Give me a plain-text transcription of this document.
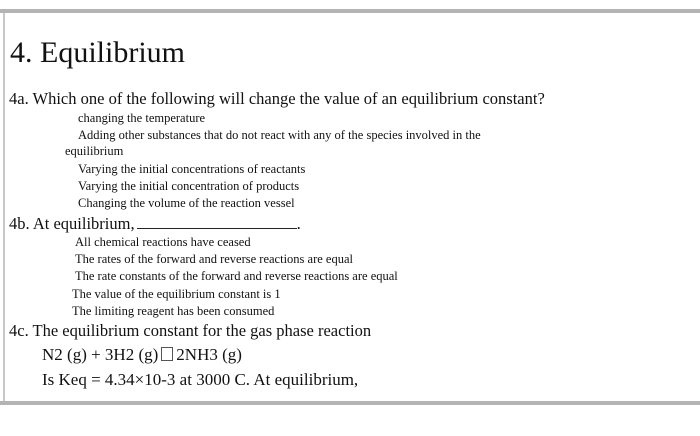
4. Equilibrium
4a. Which one of the following will change the value of an equilibrium constant?
changing the temperature
Adding other substances that do not react with any of the species involved in the
equilibrium
Varying the initial concentrations of reactants
Varying the initial concentration of products
Changing the volume of the reaction vessel
4b. At equilibrium,	.
All chemical reactions have ceased
The rates of the forward and reverse reactions are equal
The rate constants of the forward and reverse reactions are equal
The value of the equilibrium constant is 1
The limiting reagent has been consumed
4c. The equilibrium constant for the gas phase reaction
N2 (g) + 3H2 (g) 2NH3 (g)
Is Keq = 4.34×10-3 at 3000 C. At equilibrium,
